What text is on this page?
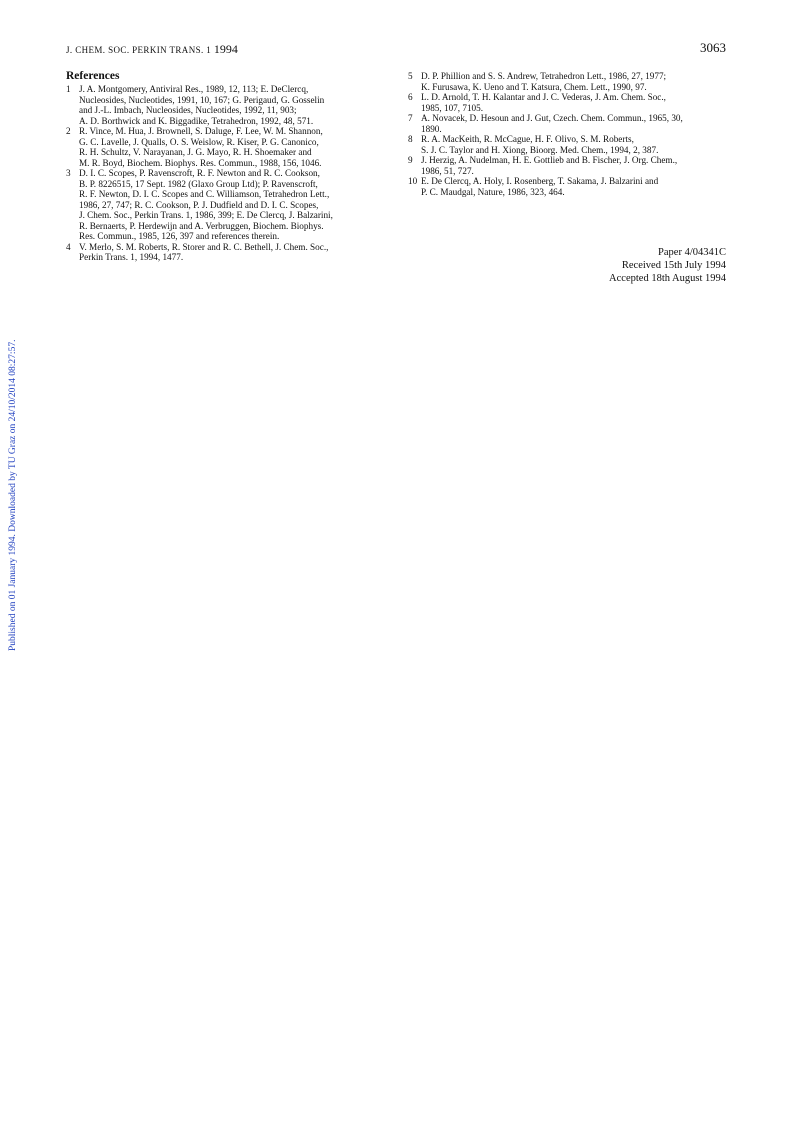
J. CHEM. SOC. PERKIN TRANS. 1 1994	3063
Published on 01 January 1994. Downloaded by TU Graz on 24/10/2014 08:27:57.
References
1 J. A. Montgomery, Antiviral Res., 1989, 12, 113; E. DeClercq,
Nucleosides, Nucleotides, 1991, 10, 167; G. Perigaud, G. Gosselin
and J.-L. Imbach, Nucleosides, Nucleotides, 1992, 11, 903;
A. D. Borthwick and K. Biggadike, Tetrahedron, 1992, 48, 571.
2 R. Vince, M. Hua, J. Brownell, S. Daluge, F. Lee, W. M. Shannon,
G. C. Lavelle, J. Qualls, O. S. Weislow, R. Kiser, P. G. Canonico,
R. H. Schultz, V. Narayanan, J. G. Mayo, R. H. Shoemaker and
M. R. Boyd, Biochem. Biophys. Res. Commun., 1988, 156, 1046.
3 D. I. C. Scopes, P. Ravenscroft, R. F. Newton and R. C. Cookson,
B. P. 8226515, 17 Sept. 1982 (Glaxo Group Ltd); P. Ravenscroft,
R. F. Newton, D. I. C. Scopes and C. Williamson, Tetrahedron Lett.,
1986, 27, 747; R. C. Cookson, P. J. Dudfield and D. I. C. Scopes,
J. Chem. Soc., Perkin Trans. 1, 1986, 399; E. De Clercq, J. Balzarini,
R. Bernaerts, P. Herdewijn and A. Verbruggen, Biochem. Biophys.
Res. Commun., 1985, 126, 397 and references therein.
4 V. Merlo, S. M. Roberts, R. Storer and R. C. Bethell, J. Chem. Soc.,
Perkin Trans. 1, 1994, 1477.
5 D. P. Phillion and S. S. Andrew, Tetrahedron Lett., 1986, 27, 1977;
K. Furusawa, K. Ueno and T. Katsura, Chem. Lett., 1990, 97.
6 L. D. Arnold, T. H. Kalantar and J. C. Vederas, J. Am. Chem. Soc.,
1985, 107, 7105.
7 A. Novacek, D. Hesoun and J. Gut, Czech. Chem. Commun., 1965, 30,
1890.
8 R. A. MacKeith, R. McCague, H. F. Olivo, S. M. Roberts,
S. J. C. Taylor and H. Xiong, Bioorg. Med. Chem., 1994, 2, 387.
9 J. Herzig, A. Nudelman, H. E. Gottlieb and B. Fischer, J. Org. Chem.,
1986, 51, 727.
10 E. De Clercq, A. Holy, I. Rosenberg, T. Sakama, J. Balzarini and
P. C. Maudgal, Nature, 1986, 323, 464.
Paper 4/04341C
Received 15th July 1994
Accepted 18th August 1994
